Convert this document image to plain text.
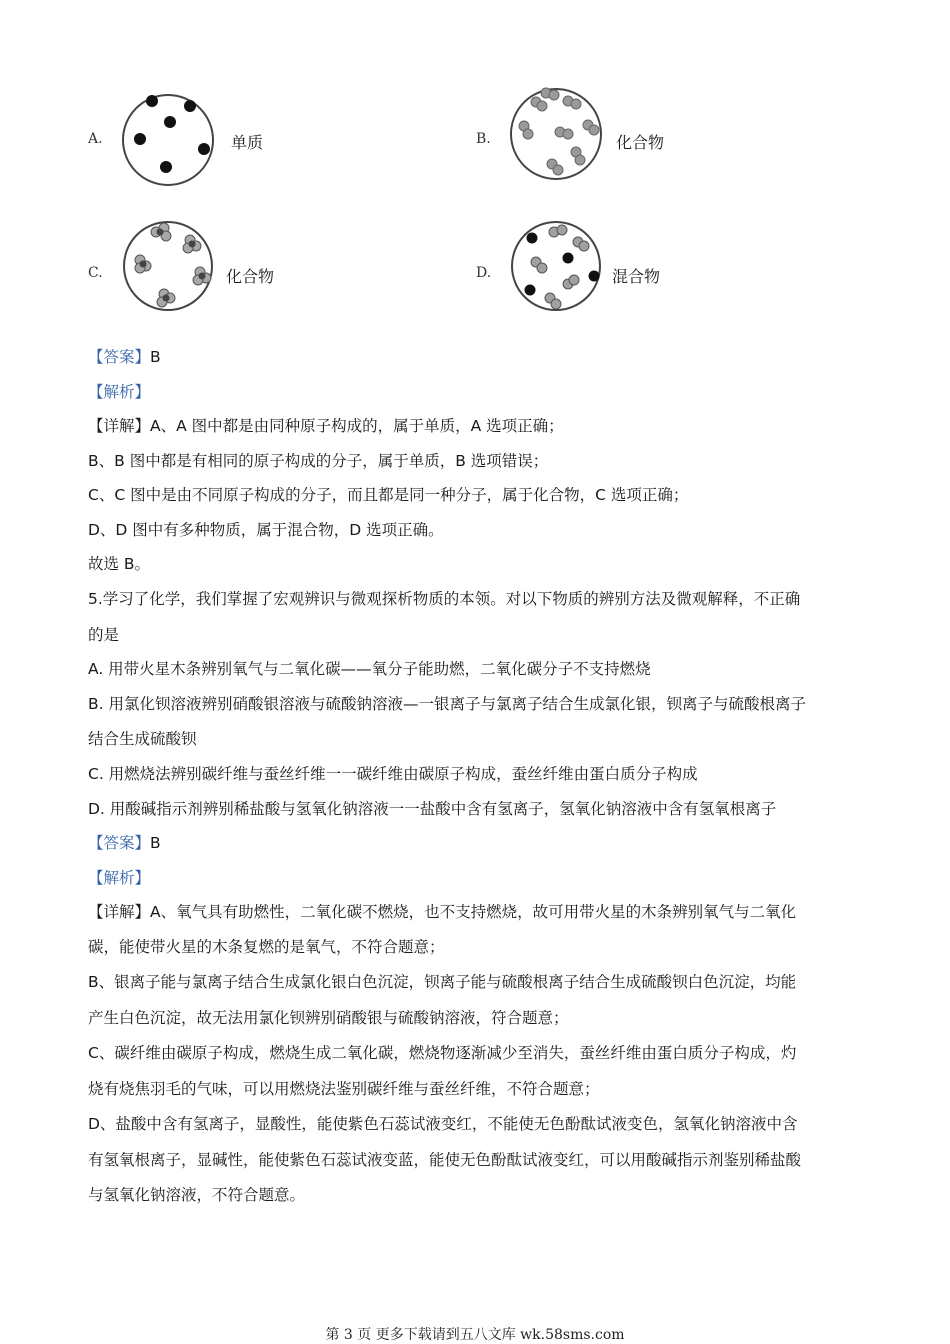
A.	单质	B.	化合物
C.	化合物	D.	混合物
【答案】B
【解析】
【详解】A、A 图中都是由同种原子构成的，属于单质，A 选项正确；
B、B 图中都是有相同的原子构成的分子，属于单质，B 选项错误；
C、C 图中是由不同原子构成的分子，而且都是同一种分子，属于化合物，C 选项正确；
D、D 图中有多种物质，属于混合物，D 选项正确。
故选 B。
5.学习了化学，我们掌握了宏观辨识与微观探析物质的本领。对以下物质的辨别方法及微观解释，不正确
的是
A. 用带火星木条辨别氧气与二氧化碳——氧分子能助燃，二氧化碳分子不支持燃烧
B. 用氯化钡溶液辨别硝酸银溶液与硫酸钠溶液—一银离子与氯离子结合生成氯化银，钡离子与硫酸根离子
结合生成硫酸钡
C. 用燃烧法辨别碳纤维与蚕丝纤维一一碳纤维由碳原子构成，蚕丝纤维由蛋白质分子构成
D. 用酸碱指示剂辨别稀盐酸与氢氧化钠溶液一一盐酸中含有氢离子，氢氧化钠溶液中含有氢氧根离子
【答案】B
【解析】
【详解】A、氧气具有助燃性，二氧化碳不燃烧，也不支持燃烧，故可用带火星的木条辨别氧气与二氧化
碳，能使带火星的木条复燃的是氧气，不符合题意；
B、银离子能与氯离子结合生成氯化银白色沉淀，钡离子能与硫酸根离子结合生成硫酸钡白色沉淀，均能
产生白色沉淀，故无法用氯化钡辨别硝酸银与硫酸钠溶液，符合题意；
C、碳纤维由碳原子构成，燃烧生成二氧化碳，燃烧物逐渐减少至消失，蚕丝纤维由蛋白质分子构成，灼
烧有烧焦羽毛的气味，可以用燃烧法鉴别碳纤维与蚕丝纤维，不符合题意；
D、盐酸中含有氢离子，显酸性，能使紫色石蕊试液变红，不能使无色酚酞试液变色，氢氧化钠溶液中含
有氢氧根离子，显碱性，能使紫色石蕊试液变蓝，能使无色酚酞试液变红，可以用酸碱指示剂鉴别稀盐酸
与氢氧化钠溶液，不符合题意。
第 3 页 更多下载请到五八文库 wk.58sms.com
